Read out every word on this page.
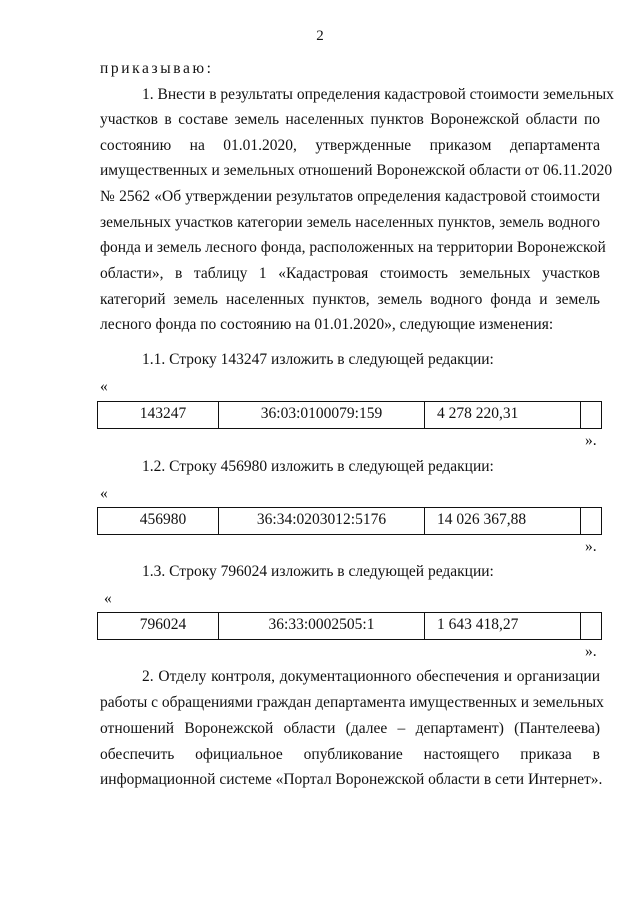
2
приказываю:
1. Внести в результаты определения кадастровой стоимости земельных
участков в составе земель населенных пунктов Воронежской области по
состоянию на 01.01.2020, утвержденные приказом департамента
имущественных и земельных отношений Воронежской области от 06.11.2020
№ 2562 «Об утверждении результатов определения кадастровой стоимости
земельных участков категории земель населенных пунктов, земель водного
фонда и земель лесного фонда, расположенных на территории Воронежской
области», в таблицу 1 «Кадастровая стоимость земельных участков
категорий земель населенных пунктов, земель водного фонда и земель
лесного фонда по состоянию на 01.01.2020», следующие изменения:
1.1. Строку 143247 изложить в следующей редакции:
«
143247	36:03:0100079:159	4 278 220,31	
».
1.2. Строку 456980 изложить в следующей редакции:
«
456980	36:34:0203012:5176	14 026 367,88	
».
1.3. Строку 796024 изложить в следующей редакции:
«
796024	36:33:0002505:1	1 643 418,27	
».
2. Отделу контроля, документационного обеспечения и организации
работы с обращениями граждан департамента имущественных и земельных
отношений Воронежской области (далее – департамент) (Пантелеева)
обеспечить официальное опубликование настоящего приказа в
информационной системе «Портал Воронежской области в сети Интернет».
